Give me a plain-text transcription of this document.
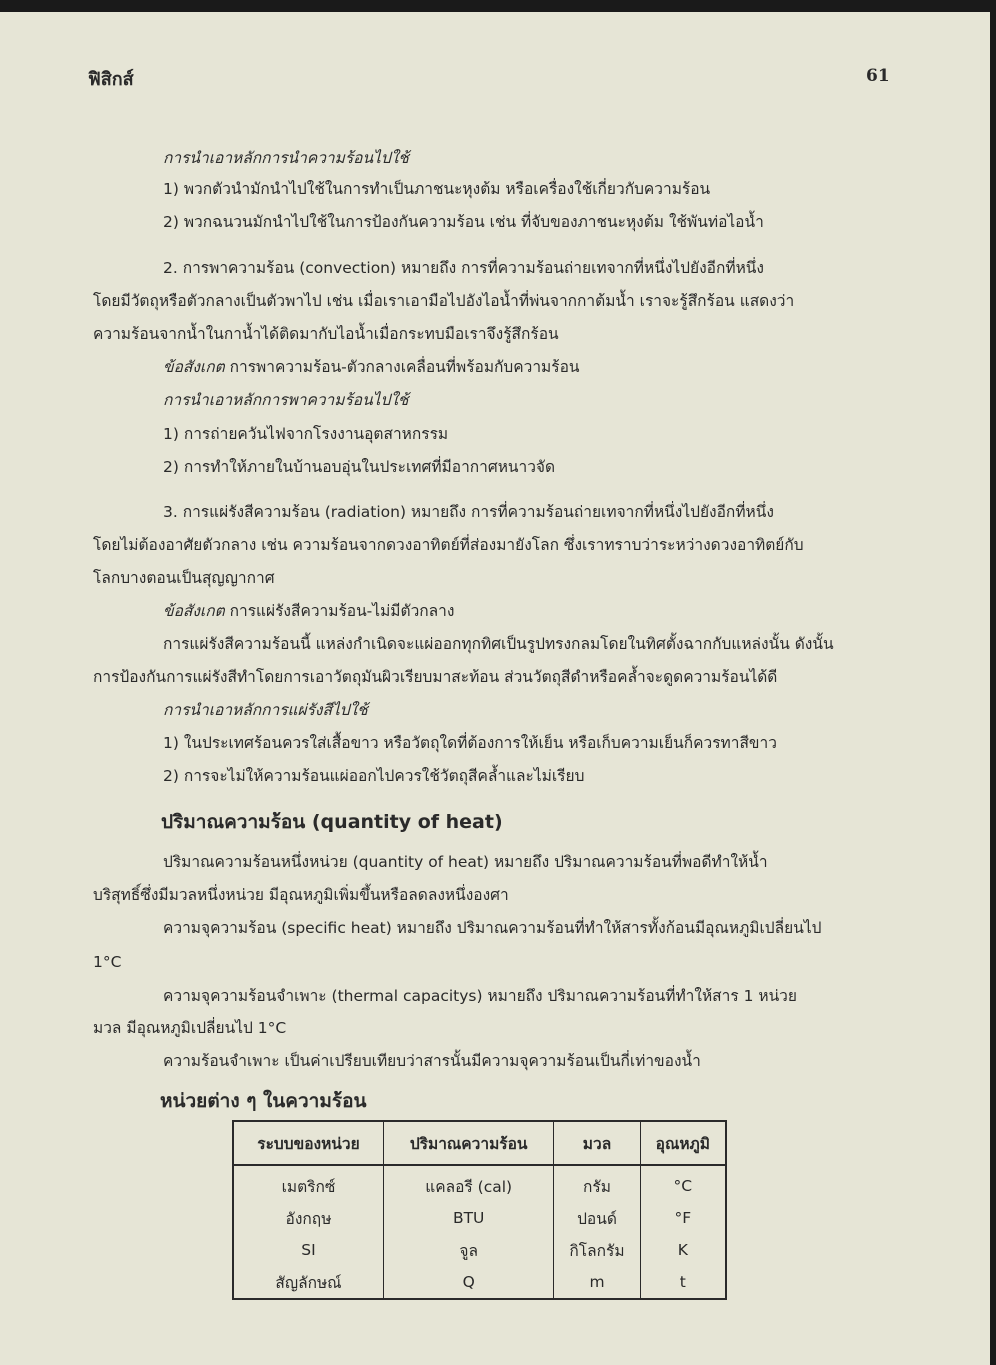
ฟิสิกส์	61
การนำเอาหลักการนำความร้อนไปใช้
1) พวกตัวนำมักนำไปใช้ในการทำเป็นภาชนะหุงต้ม หรือเครื่องใช้เกี่ยวกับความร้อน
2) พวกฉนวนมักนำไปใช้ในการป้องกันความร้อน เช่น ที่จับของภาชนะหุงต้ม ใช้พันท่อไอน้ำ
2. การพาความร้อน (convection) หมายถึง การที่ความร้อนถ่ายเทจากที่หนึ่งไปยังอีกที่หนึ่ง
โดยมีวัตถุหรือตัวกลางเป็นตัวพาไป เช่น เมื่อเราเอามือไปอังไอน้ำที่พ่นจากกาต้มน้ำ เราจะรู้สึกร้อน แสดงว่า
ความร้อนจากน้ำในกาน้ำได้ติดมากับไอน้ำเมื่อกระทบมือเราจึงรู้สึกร้อน
ข้อสังเกต การพาความร้อน-ตัวกลางเคลื่อนที่พร้อมกับความร้อน
การนำเอาหลักการพาความร้อนไปใช้
1) การถ่ายควันไฟจากโรงงานอุตสาหกรรม
2) การทำให้ภายในบ้านอบอุ่นในประเทศที่มีอากาศหนาวจัด
3. การแผ่รังสีความร้อน (radiation) หมายถึง การที่ความร้อนถ่ายเทจากที่หนึ่งไปยังอีกที่หนึ่ง
โดยไม่ต้องอาศัยตัวกลาง เช่น ความร้อนจากดวงอาทิตย์ที่ส่องมายังโลก ซึ่งเราทราบว่าระหว่างดวงอาทิตย์กับ
โลกบางตอนเป็นสุญญากาศ
ข้อสังเกต การแผ่รังสีความร้อน-ไม่มีตัวกลาง
การแผ่รังสีความร้อนนี้ แหล่งกำเนิดจะแผ่ออกทุกทิศเป็นรูปทรงกลมโดยในทิศตั้งฉากกับแหล่งนั้น ดังนั้น
การป้องกันการแผ่รังสีทำโดยการเอาวัตถุมันผิวเรียบมาสะท้อน ส่วนวัตถุสีดำหรือคล้ำจะดูดความร้อนได้ดี
การนำเอาหลักการแผ่รังสีไปใช้
1) ในประเทศร้อนควรใส่เสื้อขาว หรือวัตถุใดที่ต้องการให้เย็น หรือเก็บความเย็นก็ควรทาสีขาว
2) การจะไม่ให้ความร้อนแผ่ออกไปควรใช้วัตถุสีคล้ำและไม่เรียบ
ปริมาณความร้อน (quantity of heat)
ปริมาณความร้อนหนึ่งหน่วย (quantity of heat) หมายถึง ปริมาณความร้อนที่พอดีทำให้น้ำ
บริสุทธิ์ซึ่งมีมวลหนึ่งหน่วย มีอุณหภูมิเพิ่มขึ้นหรือลดลงหนึ่งองศา
ความจุความร้อน (specific heat) หมายถึง ปริมาณความร้อนที่ทำให้สารทั้งก้อนมีอุณหภูมิเปลี่ยนไป
1°C
ความจุความร้อนจำเพาะ (thermal capacitys) หมายถึง ปริมาณความร้อนที่ทำให้สาร 1 หน่วย
มวล มีอุณหภูมิเปลี่ยนไป 1°C
ความร้อนจำเพาะ เป็นค่าเปรียบเทียบว่าสารนั้นมีความจุความร้อนเป็นกี่เท่าของน้ำ
หน่วยต่าง ๆ ในความร้อน
ระบบของหน่วย	ปริมาณความร้อน	มวล	อุณหภูมิ
เมตริกซ์	แคลอรี (cal)	กรัม	°C
อังกฤษ	BTU	ปอนด์	°F
SI	จูล	กิโลกรัม	K
สัญลักษณ์	Q	m	t
